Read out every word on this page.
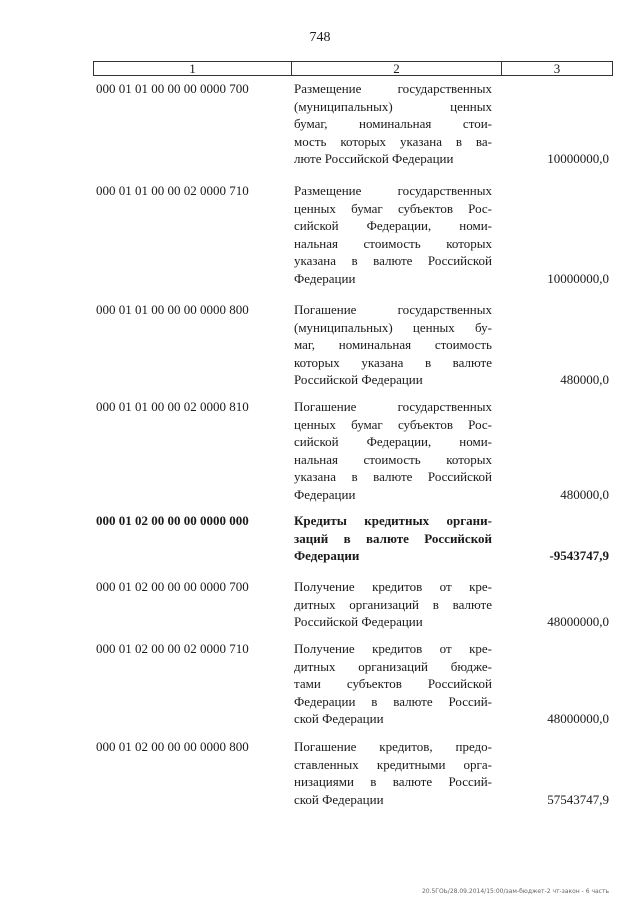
748
1	2	3
000 01 01 00 00 00 0000 700	Размещение государственных
(муниципальных) ценных
бумаг, номинальная стои-
мость которых указана в ва-
люте Российской Федерации	10000000,0
000 01 01 00 00 02 0000 710	Размещение государственных
ценных бумаг субъектов Рос-
сийской Федерации, номи-
нальная стоимость которых
указана в валюте Российской
Федерации	10000000,0
000 01 01 00 00 00 0000 800	Погашение государственных
(муниципальных) ценных бу-
маг, номинальная стоимость
которых указана в валюте
Российской Федерации	480000,0
000 01 01 00 00 02 0000 810	Погашение государственных
ценных бумаг субъектов Рос-
сийской Федерации, номи-
нальная стоимость которых
указана в валюте Российской
Федерации	480000,0
000 01 02 00 00 00 0000 000	Кредиты кредитных органи-
заций в валюте Российской
Федерации	-9543747,9
000 01 02 00 00 00 0000 700	Получение кредитов от кре-
дитных организаций в валюте
Российской Федерации	48000000,0
000 01 02 00 00 02 0000 710	Получение кредитов от кре-
дитных организаций бюдже-
тами субъектов Российской
Федерации в валюте Россий-
ской Федерации	48000000,0
000 01 02 00 00 00 0000 800	Погашение кредитов, предо-
ставленных кредитными орга-
низациями в валюте Россий-
ской Федерации	57543747,9
20.5ГОЬ/28.09.2014/15:00/зам-бюджет-2 чт-закон - 6 часть
